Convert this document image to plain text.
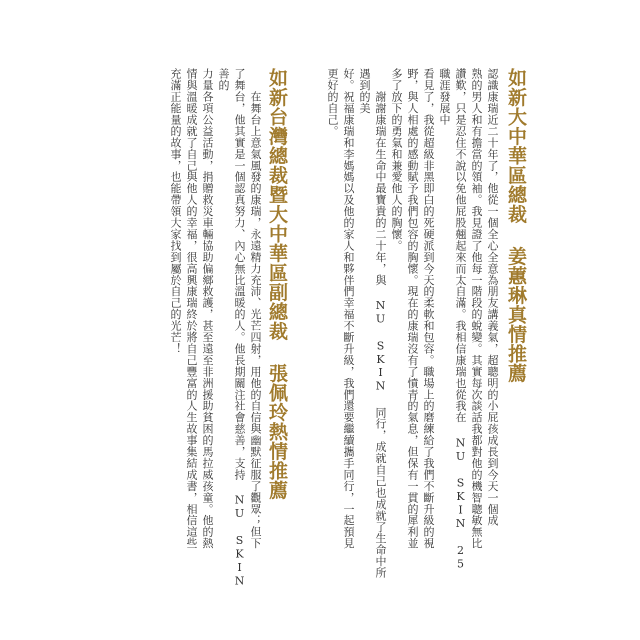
如新大中華區總裁 姜蕙琳真情推薦

認識康瑞近二十年了，他從一個全心全意為朋友講義氣，超聰明的小屁孩成長到今天一個成
熟的男人和有擔當的領袖。我見證了他每一階段的蛻變。其實每次談話我都對他的機智聰敏無比
讚歎，只是忍住不說以免他屁股翹起來而太自滿。我相信康瑞也從我在 NU SKIN 25 職涯發展中
看見了，我從超級非黑即白的死硬派到今天的柔軟和包容。職場上的磨練給了我們不斷升級的視
野，與人相處的感動賦予我們包容的胸懷。現在的康瑞沒有了憤青的氣息，但保有一貫的犀利並
多了放下的勇氣和兼愛他人的胸懷。
　　謝謝康瑞在生命中最寶貴的二十年，與 NU SKIN 同行，成就自己也成就了生命中所遇到的美
好。祝福康瑞和李媽媽以及他的家人和夥伴們幸福不斷升級，我們還要繼續攜手同行，一起預見
更好的自己。

如新台灣總裁暨大中華區副總裁 張佩玲熱情推薦

　　在舞台上意氣風發的康瑞，永遠精力充沛、光芒四射，用他的自信與幽默征服了觀眾；但下
了舞台，他其實是一個認真努力、內心無比溫暖的人。他長期關注社會慈善，支持 NU SKIN 善的
力量各項公益活動，捐贈救災車輛協助偏鄉救護，甚至遠至非洲援助貧困的馬拉威孩童。他的熱
情與溫暖成就了自己與他人的幸福，很高興康瑞終於將自己豐富的人生故事集結成書，相信這些
充滿正能量的故事，也能帶領大家找到屬於自己的光芒！
